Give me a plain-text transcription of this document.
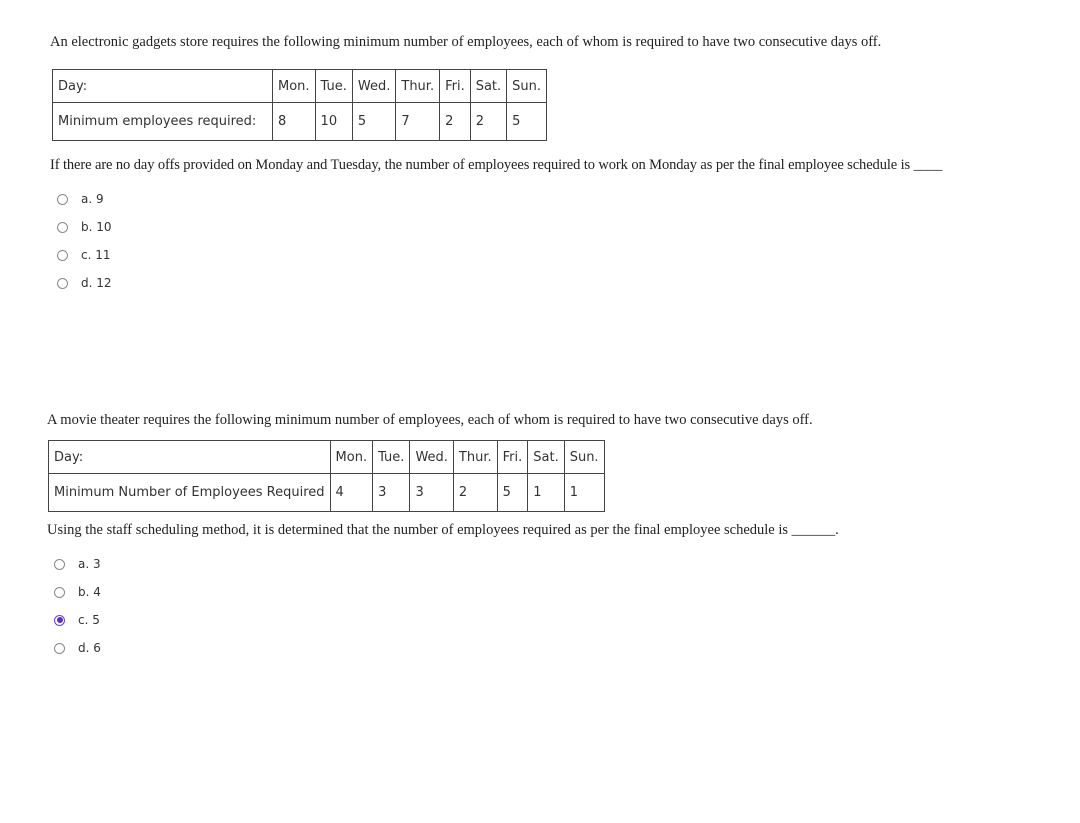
An electronic gadgets store requires the following minimum number of employees, each of whom is required to have two consecutive days off.

Day:	Mon.	Tue.	Wed.	Thur.	Fri.	Sat.	Sun.
Minimum employees required:	8	10	5	7	2	2	5

If there are no day offs provided on Monday and Tuesday, the number of employees required to work on Monday as per the final employee schedule is ____

a. 9
b. 10
c. 11
d. 12

A movie theater requires the following minimum number of employees, each of whom is required to have two consecutive days off.

Day:	Mon.	Tue.	Wed.	Thur.	Fri.	Sat.	Sun.
Minimum Number of Employees Required	4	3	3	2	5	1	1

Using the staff scheduling method, it is determined that the number of employees required as per the final employee schedule is ______.

a. 3
b. 4
c. 5
d. 6
